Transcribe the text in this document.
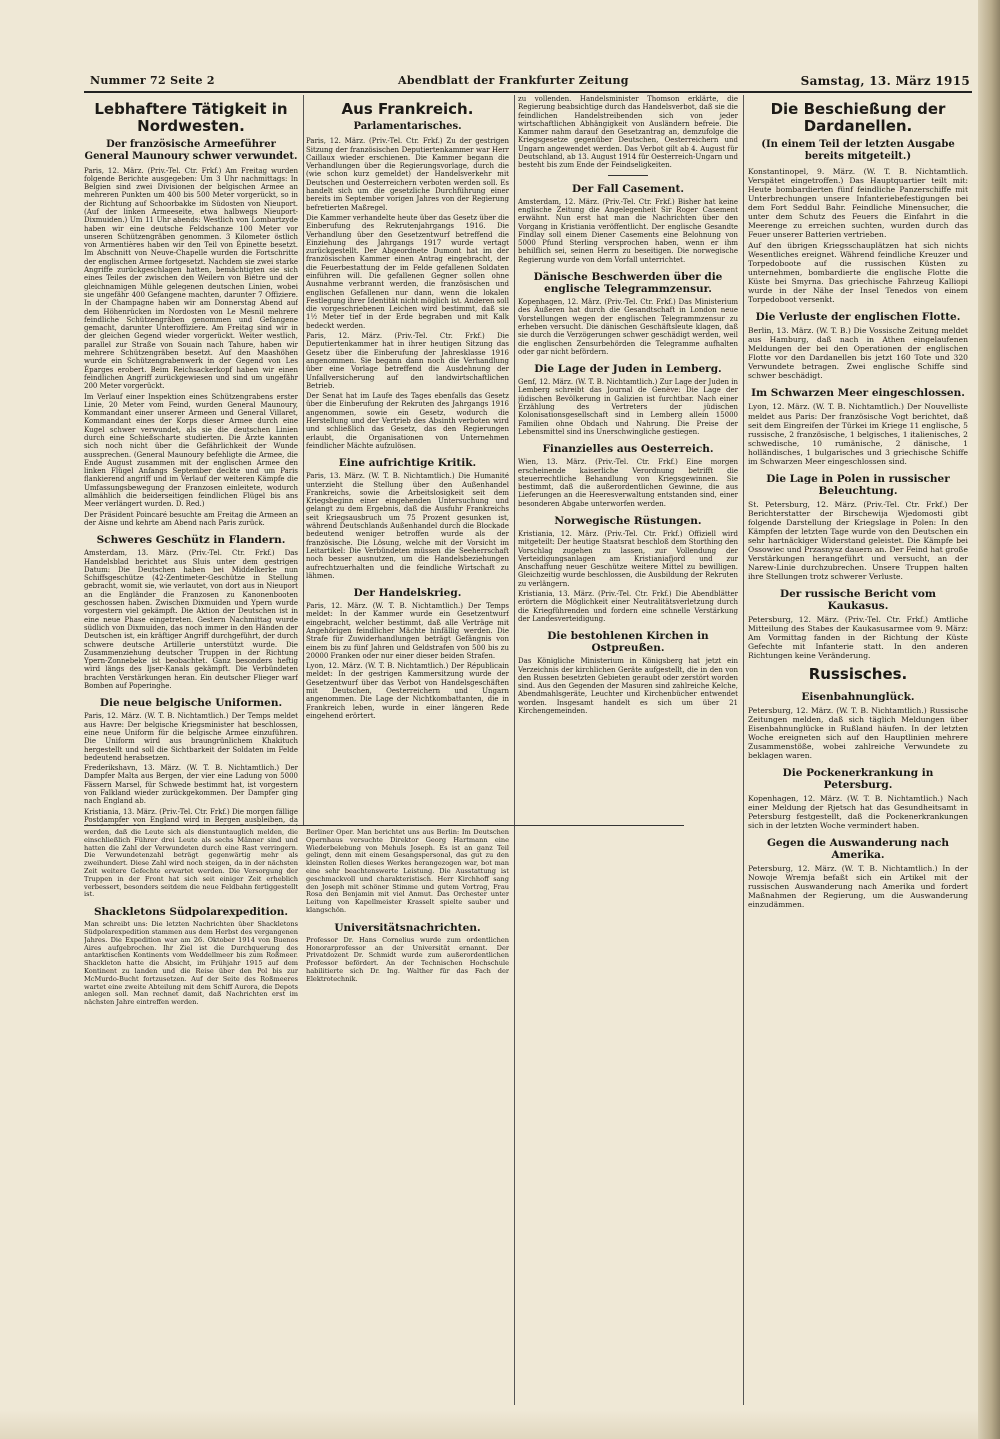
Nummer 72 Seite 2	Abendblatt der Frankfurter Zeitung	Samstag, 13. März 1915
Lebhaftere Tätigkeit in Nordwesten.
Der französische Armeeführer General Maunoury schwer verwundet.

Paris, 12. März. (Priv.-Tel. Ctr. Frkf.) Am Freitag wurden folgende Berichte ausgegeben: Um 3 Uhr nachmittags: In Belgien sind zwei Divisionen der belgischen Armee an mehreren Punkten um 400 bis 500 Meter vorgerückt, so in der Richtung auf Schoorbakke im Südosten von Nieuport. (Auf der linken Armeeseite, etwa halbwegs Nieuport-Dixmuiden.) Um 11 Uhr abends: Westlich von Lombartzyde haben wir eine deutsche Feldschanze 100 Meter vor unseren Schützengräben genommen. 3 Kilometer östlich von Armentières haben wir den Teil von Épinette besetzt. Im Abschnitt von Neuve-Chapelle wurden die Fortschritte der englischen Armee fortgesetzt. Nachdem sie zwei starke Angriffe zurückgeschlagen hatten, bemächtigten sie sich eines Teiles der zwischen den Weilern von Biétre und der gleichnamigen Mühle gelegenen deutschen Linien, wobei sie ungefähr 400 Gefangene machten, darunter 7 Offiziere. In der Champagne haben wir am Donnerstag Abend auf dem Höhenrücken im Nordosten von Le Mesnil mehrere feindliche Schützengräben genommen und Gefangene gemacht, darunter Unteroffiziere. Am Freitag sind wir in der gleichen Gegend wieder vorgerückt. Weiter westlich, parallel zur Straße von Souain nach Tahure, haben wir mehrere Schützengräben besetzt. Auf den Maashöhen wurde ein Schützengrabenwerk in der Gegend von Les Éparges erobert. Beim Reichsackerkopf haben wir einen feindlichen Angriff zurückgewiesen und sind um ungefähr 200 Meter vorgerückt.

Im Verlauf einer Inspektion eines Schützengrabens erster Linie, 20 Meter vom Feind, wurden General Maunoury, Kommandant einer unserer Armeen und General Villaret, Kommandant eines der Korps dieser Armee durch eine Kugel schwer verwundet, als sie die deutschen Linien durch eine Schießscharte studierten. Die Ärzte kannten sich noch nicht über die Gefährlichkeit der Wunde aussprechen. (General Maunoury befehligte die Armee, die Ende August zusammen mit der englischen Armee den linken Flügel Anfangs September deckte und um Paris flankierend angriff und im Verlauf der weiteren Kämpfe die Umfassungsbewegung der Franzosen einleitete, wodurch allmählich die beiderseitigen feindlichen Flügel bis ans Meer verlängert wurden. D. Red.)

Der Präsident Poincaré besuchte am Freitag die Armeen an der Aisne und kehrte am Abend nach Paris zurück.

Schweres Geschütz in Flandern.

Amsterdam, 13. März. (Priv.-Tel. Ctr. Frkf.) Das Handelsblad berichtet aus Sluis unter dem gestrigen Datum: Die Deutschen haben bei Middelkerke nun Schiffsgeschütze (42-Zentimeter-Geschütze in Stellung gebracht, womit sie, wie verlautet, von dort aus in Nieuport an die Engländer die Franzosen zu Kanonenbooten geschossen haben. Zwischen Dixmuiden und Ypern wurde vorgestern viel gekämpft. Die Aktion der Deutschen ist in eine neue Phase eingetreten. Gestern Nachmittag wurde südlich von Dixmuiden, das noch immer in den Händen der Deutschen ist, ein kräftiger Angriff durchgeführt, der durch schwere deutsche Artillerie unterstützt wurde. Die Zusammenziehung deutscher Truppen in der Richtung Ypern-Zonnebeke ist beobachtet. Ganz besonders heftig wird längs des Ijser-Kanals gekämpft. Die Verbündeten brachten Verstärkungen heran. Ein deutscher Flieger warf Bomben auf Poperinghe.

Die neue belgische Uniformen.

Paris, 12. März. (W. T. B. Nichtamtlich.) Der Temps meldet aus Havre: Der belgische Kriegsminister hat beschlossen, eine neue Uniform für die belgische Armee einzuführen. Die Uniform wird aus braungrünlichem Khakituch hergestellt und soll die Sichtbarkeit der Soldaten im Felde bedeutend herabsetzen.

Frederikshavn, 13. März. (W. T. B. Nichtamtlich.) Der Dampfer Malta aus Bergen, der vier eine Ladung von 5000 Fässern Marsel, für Schwede bestimmt hat, ist vorgestern von Falkland wieder zurückgekommen. Der Dampfer ging nach England ab.

Kristiania, 13. März. (Priv.-Tel. Ctr. Frkf.) Die morgen fällige Postdampfer von England wird in Bergen ausbleiben, da

Aus Frankreich.
Parlamentarisches.

Paris, 12. März. (Priv.-Tel. Ctr. Frkf.) Zu der gestrigen Sitzung der französischen Deputiertenkammer war Herr Caillaux wieder erschienen. Die Kammer begann die Verhandlungen über die Regierungsvorlage, durch die (wie schon kurz gemeldet) der Handelsverkehr mit Deutschen und Oesterreichern verboten werden soll. Es handelt sich um die gesetzliche Durchführung einer bereits im September vorigen Jahres von der Regierung befretierten Maßregel.

Die Kammer verhandelte heute über das Gesetz über die Einberufung des Rekrutenjahrgangs 1916. Die Verhandlung über den Gesetzentwurf betreffend die Einziehung des Jahrgangs 1917 wurde vertagt zurückgestellt. Der Abgeordnete Dumont hat im der französischen Kammer einen Antrag eingebracht, der die Feuerbestattung der im Felde gefallenen Soldaten einführen will. Die gefallenen Gegner sollen ohne Ausnahme verbrannt werden, die französischen und englischen Gefallenen nur dann, wenn die lokalen Festlegung ihrer Identität nicht möglich ist. Anderen soll die vorgeschriebenen Leichen wird bestimmt, daß sie 1½ Meter tief in der Erde begraben und mit Kalk bedeckt werden.

Paris, 12. März. (Priv.-Tel. Ctr. Frkf.) Die Deputiertenkammer hat in ihrer heutigen Sitzung das Gesetz über die Einberufung der Jahresklasse 1916 angenommen. Sie begann dann noch die Verhandlung über eine Vorlage betreffend die Ausdehnung der Unfallversicherung auf den landwirtschaftlichen Betrieb.

Der Senat hat im Laufe des Tages ebenfalls das Gesetz über die Einberufung der Rekruten des Jahrgangs 1916 angenommen, sowie ein Gesetz, wodurch die Herstellung und der Vertrieb des Absinth verboten wird und schließlich das Gesetz, das den Regierungen erlaubt, die Organisationen von Unternehmen feindlicher Mächte aufzulösen.

Eine aufrichtige Kritik.

Paris, 13. März. (W. T. B. Nichtamtlich.) Die Humanité unterzieht die Stellung über den Außenhandel Frankreichs, sowie die Arbeitslosigkeit seit dem Kriegsbeginn einer eingehenden Untersuchung und gelangt zu dem Ergebnis, daß die Ausfuhr Frankreichs seit Kriegsausbruch um 75 Prozent gesunken ist, während Deutschlands Außenhandel durch die Blockade bedeutend weniger betroffen wurde als der französische. Die Lösung, welche mit der Vorsicht im Leitartikel: Die Verbündeten müssen die Seeherrschaft noch besser ausnutzen, um die Handelsbeziehungen aufrechtzuerhalten und die feindliche Wirtschaft zu lähmen.

Der Handelskrieg.

Paris, 12. März. (W. T. B. Nichtamtlich.) Der Temps meldet: In der Kammer wurde ein Gesetzentwurf eingebracht, welcher bestimmt, daß alle Verträge mit Angehörigen feindlicher Mächte hinfällig werden. Die Strafe für Zuwiderhandlungen beträgt Gefängnis von einem bis zu fünf Jahren und Geldstrafen von 500 bis zu 20000 Franken oder nur einer dieser beiden Strafen.

Lyon, 12. März. (W. T. B. Nichtamtlich.) Der Républicain meldet: In der gestrigen Kammersitzung wurde der Gesetzentwurf über das Verbot von Handelsgeschäften mit Deutschen, Oesterreichern und Ungarn angenommen. Die Lage der Nichtkombattanten, die in Frankreich leben, wurde in einer längeren Rede eingehend erörtert.

zu vollenden. Handelsminister Thomson erklärte, die Regierung beabsichtige durch das Handelsverbot, daß sie die feindlichen Handelstreibenden sich von jeder wirtschaftlichen Abhängigkeit von Ausländern befreie. Die Kammer nahm darauf den Gesetzantrag an, demzufolge die Kriegsgesetze gegenüber Deutschen, Oesterreichern und Ungarn angewendet werden. Das Verbot gilt ab 4. August für Deutschland, ab 13. August 1914 für Oesterreich-Ungarn und besteht bis zum Ende der Feindseligkeiten.

Der Fall Casement.

Amsterdam, 12. März. (Priv.-Tel. Ctr. Frkf.) Bisher hat keine englische Zeitung die Angelegenheit Sir Roger Casement erwähnt. Nun erst hat man die Nachrichten über den Vorgang in Kristiania veröffentlicht. Der englische Gesandte Findlay soll einem Diener Casements eine Belohnung von 5000 Pfund Sterling versprochen haben, wenn er ihm behilflich sei, seinen Herrn zu beseitigen. Die norwegische Regierung wurde von dem Vorfall unterrichtet.

Dänische Beschwerden über die englische Telegrammzensur.

Kopenhagen, 12. März. (Priv.-Tel. Ctr. Frkf.) Das Ministerium des Äußeren hat durch die Gesandtschaft in London neue Vorstellungen wegen der englischen Telegrammzensur zu erheben versucht. Die dänischen Geschäftsleute klagen, daß sie durch die Verzögerungen schwer geschädigt werden, weil die englischen Zensurbehörden die Telegramme aufhalten oder gar nicht befördern.

Die Lage der Juden in Lemberg.

Genf, 12. März. (W. T. B. Nichtamtlich.) Zur Lage der Juden in Lemberg schreibt das Journal de Genève: Die Lage der jüdischen Bevölkerung in Galizien ist furchtbar. Nach einer Erzählung des Vertreters der jüdischen Kolonisationsgesellschaft sind in Lemberg allein 15000 Familien ohne Obdach und Nahrung. Die Preise der Lebensmittel sind ins Unerschwingliche gestiegen.

Finanzielles aus Oesterreich.

Wien, 13. März. (Priv.-Tel. Ctr. Frkf.) Eine morgen erscheinende kaiserliche Verordnung betrifft die steuerrechtliche Behandlung von Kriegsgewinnen. Sie bestimmt, daß die außerordentlichen Gewinne, die aus Lieferungen an die Heeresverwaltung entstanden sind, einer besonderen Abgabe unterworfen werden.

Norwegische Rüstungen.

Kristiania, 12. März. (Priv.-Tel. Ctr. Frkf.) Offiziell wird mitgeteilt: Der heutige Staatsrat beschloß dem Storthing den Vorschlag zugehen zu lassen, zur Vollendung der Verteidigungsanlagen am Kristianiafjord und zur Anschaffung neuer Geschütze weitere Mittel zu bewilligen. Gleichzeitig wurde beschlossen, die Ausbildung der Rekruten zu verlängern.

Kristiania, 13. März. (Priv.-Tel. Ctr. Frkf.) Die Abendblätter erörtern die Möglichkeit einer Neutralitätsverletzung durch die Kriegführenden und fordern eine schnelle Verstärkung der Landesverteidigung.

Die bestohlenen Kirchen in Ostpreußen.

Das Königliche Ministerium in Königsberg hat jetzt ein Verzeichnis der kirchlichen Geräte aufgestellt, die in den von den Russen besetzten Gebieten geraubt oder zerstört worden sind. Aus den Gegenden der Masuren sind zahlreiche Kelche, Abendmahlsgeräte, Leuchter und Kirchenbücher entwendet worden. Insgesamt handelt es sich um über 21 Kirchengemeinden.

Die Beschießung der Dardanellen.
(In einem Teil der letzten Ausgabe bereits mitgeteilt.)

Konstantinopel, 9. März. (W. T. B. Nichtamtlich. Verspätet eingetroffen.) Das Hauptquartier teilt mit: Heute bombardierten fünf feindliche Panzerschiffe mit Unterbrechungen unsere Infanteriebefestigungen bei dem Fort Seddul Bahr. Feindliche Minensucher, die unter dem Schutz des Feuers die Einfahrt in die Meerenge zu erreichen suchten, wurden durch das Feuer unserer Batterien vertrieben.

Auf den übrigen Kriegsschauplätzen hat sich nichts Wesentliches ereignet. Während feindliche Kreuzer und Torpedoboote auf die russischen Küsten zu unternehmen, bombardierte die englische Flotte die Küste bei Smyrna. Das griechische Fahrzeug Kalliopi wurde in der Nähe der Insel Tenedos von einem Torpedoboot versenkt.

Die Verluste der englischen Flotte.

Berlin, 13. März. (W. T. B.) Die Vossische Zeitung meldet aus Hamburg, daß nach in Athen eingelaufenen Meldungen der bei den Operationen der englischen Flotte vor den Dardanellen bis jetzt 160 Tote und 320 Verwundete betragen. Zwei englische Schiffe sind schwer beschädigt.

Im Schwarzen Meer eingeschlossen.

Lyon, 12. März. (W. T. B. Nichtamtlich.) Der Nouvelliste meldet aus Paris: Der französische Vogt berichtet, daß seit dem Eingreifen der Türkei im Kriege 11 englische, 5 russische, 2 französische, 1 belgisches, 1 italienisches, 2 schwedische, 10 rumänische, 2 dänische, 1 holländisches, 1 bulgarisches und 3 griechische Schiffe im Schwarzen Meer eingeschlossen sind.

Die Lage in Polen in russischer Beleuchtung.

St. Petersburg, 12. März. (Priv.-Tel. Ctr. Frkf.) Der Berichterstatter der Birschewija Wjedomosti gibt folgende Darstellung der Kriegslage in Polen: In den Kämpfen der letzten Tage wurde von den Deutschen ein sehr hartnäckiger Widerstand geleistet. Die Kämpfe bei Ossowiec und Przasnysz dauern an. Der Feind hat große Verstärkungen herangeführt und versucht, an der Narew-Linie durchzubrechen. Unsere Truppen halten ihre Stellungen trotz schwerer Verluste.

Der russische Bericht vom Kaukasus.

Petersburg, 12. März. (Priv.-Tel. Ctr. Frkf.) Amtliche Mitteilung des Stabes der Kaukasusarmee vom 9. März: Am Vormittag fanden in der Richtung der Küste Gefechte mit Infanterie statt. In den anderen Richtungen keine Veränderung.

Russisches.
Eisenbahnunglück.

Petersburg, 12. März. (W. T. B. Nichtamtlich.) Russische Zeitungen melden, daß sich täglich Meldungen über Eisenbahnunglücke in Rußland häufen. In der letzten Woche ereigneten sich auf den Hauptlinien mehrere Zusammenstöße, wobei zahlreiche Verwundete zu beklagen waren.

Die Pockenerkrankung in Petersburg.

Kopenhagen, 12. März. (W. T. B. Nichtamtlich.) Nach einer Meldung der Rjetsch hat das Gesundheitsamt in Petersburg festgestellt, daß die Pockenerkrankungen sich in der letzten Woche vermindert haben.

Gegen die Auswanderung nach Amerika.

Petersburg, 12. März. (W. T. B. Nichtamtlich.) In der Nowoje Wremja befaßt sich ein Artikel mit der russischen Auswanderung nach Amerika und fordert Maßnahmen der Regierung, um die Auswanderung einzudämmen.

werden, daß die Leute sich als dienstuntauglich melden, die einschließlich Führer drei Leute als sechs Männer sind und hatten die Zahl der Verwundeten durch eine Rast verringern. Die Verwundetenzahl beträgt gegenwärtig mehr als zweihundert. Diese Zahl wird noch steigen, da in der nächsten Zeit weitere Gefechte erwartet werden. Die Versorgung der Truppen in der Front hat sich seit einiger Zeit erheblich verbessert, besonders seitdem die neue Feldbahn fertiggestellt ist.

Shackletons Südpolarexpedition.

Man schreibt uns: Die letzten Nachrichten über Shackletons Südpolarexpedition stammen aus dem Herbst des vergangenen Jahres. Die Expedition war am 26. Oktober 1914 von Buenos Aires aufgebrochen. Ihr Ziel ist die Durchquerung des antarktischen Kontinents vom Weddellmeer bis zum Roßmeer. Shackleton hatte die Absicht, im Frühjahr 1915 auf dem Kontinent zu landen und die Reise über den Pol bis zur McMurdo-Bucht fortzusetzen. Auf der Seite des Roßmeeres wartet eine zweite Abteilung mit dem Schiff Aurora, die Depots anlegen soll. Man rechnet damit, daß Nachrichten erst im nächsten Jahre eintreffen werden.

Berliner Oper. Man berichtet uns aus Berlin: Im Deutschen Opernhaus versuchte Direktor Georg Hartmann eine Wiederbelebung von Mehuls Joseph. Es ist an ganz Teil gelingt, denn mit einem Gesangspersonal, das gut zu den kleinsten Rollen dieses Werkes herangezogen war, bot man eine sehr beachtenswerte Leistung. Die Ausstattung ist geschmackvoll und charakteristisch. Herr Kirchhoff sang den Joseph mit schöner Stimme und gutem Vortrag, Frau Rosa den Benjamin mit viel Anmut. Das Orchester unter Leitung von Kapellmeister Krasselt spielte sauber und klangschön.

Universitätsnachrichten.

Professor Dr. Hans Cornelius wurde zum ordentlichen Honorarprofessor an der Universität ernannt. Der Privatdozent Dr. Schmidt wurde zum außerordentlichen Professor befördert. An der Technischen Hochschule habilitierte sich Dr. Ing. Walther für das Fach der Elektrotechnik.
